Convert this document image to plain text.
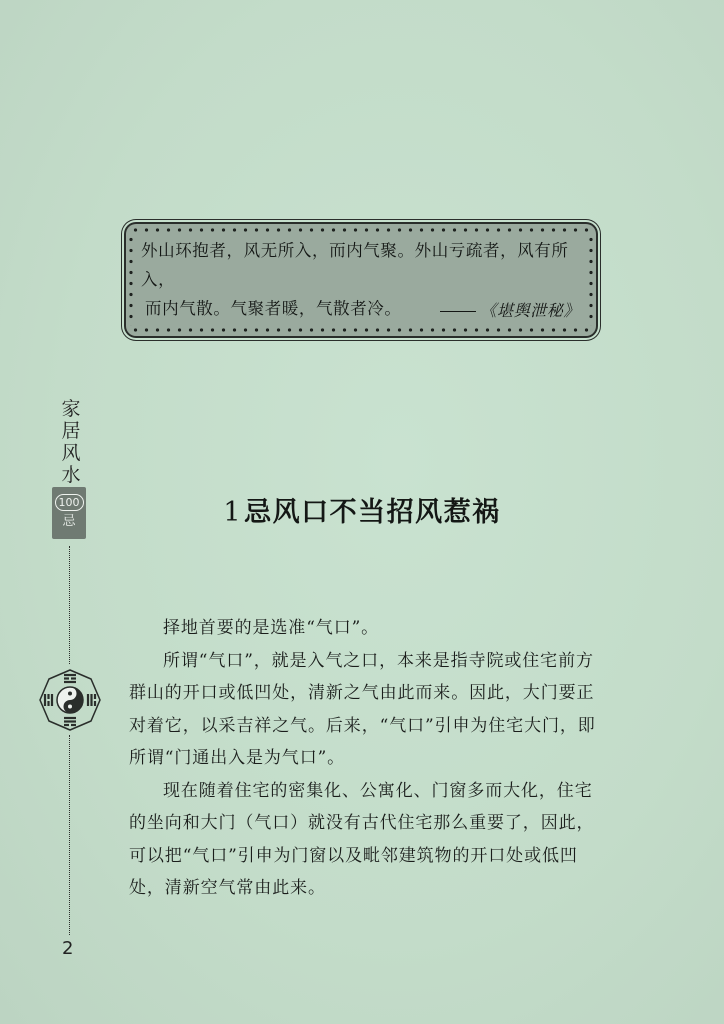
外山环抱者，风无所入，而内气聚。外山亏疏者，风有所入，
而内气散。气聚者暖，气散者冷。	《堪舆泄秘》
家
居
风
水
100
忌
2
1忌风口不当招风惹祸

择地首要的是选准“气口”。

所谓“气口”，就是入气之口，本来是指寺院或住宅前方群山的开口或低凹处，清新之气由此而来。因此，大门要正对着它，以采吉祥之气。后来，“气口”引申为住宅大门，即所谓“门通出入是为气口”。

现在随着住宅的密集化、公寓化、门窗多而大化，住宅的坐向和大门（气口）就没有古代住宅那么重要了，因此，可以把“气口”引申为门窗以及毗邻建筑物的开口处或低凹处，清新空气常由此来。
